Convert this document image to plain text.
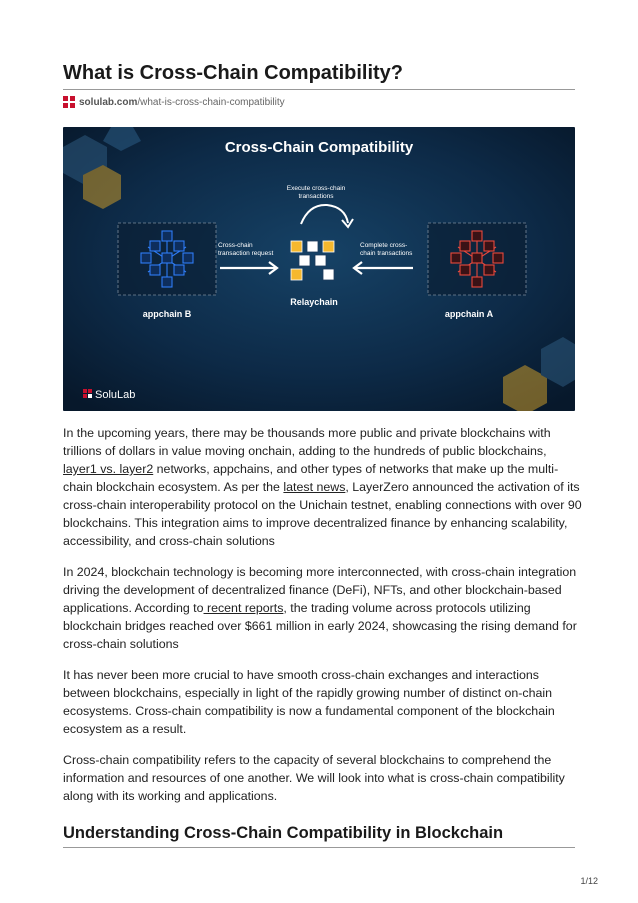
What is Cross-Chain Compatibility?
solulab.com /what-is-cross-chain-compatibility
Cross-Chain Compatibility
Execute cross-chain
transactions
appchain B	appchain A
Cross-chain
transaction request
Complete cross-
chain transactions
Relaychain
SoluLab

In the upcoming years, there may be thousands more public and private blockchains with trillions of dollars in value moving onchain, adding to the hundreds of public blockchains, layer1 vs. layer2 networks, appchains, and other types of networks that make up the multi-chain blockchain ecosystem. As per the latest news, LayerZero announced the activation of its cross-chain interoperability protocol on the Unichain testnet, enabling connections with over 90 blockchains. This integration aims to improve decentralized finance by enhancing scalability, accessibility, and cross-chain solutions

In 2024, blockchain technology is becoming more interconnected, with cross-chain integration driving the development of decentralized finance (DeFi), NFTs, and other blockchain-based applications. According to recent reports, the trading volume across protocols utilizing blockchain bridges reached over $661 million in early 2024, showcasing the rising demand for cross-chain solutions

It has never been more crucial to have smooth cross-chain exchanges and interactions between blockchains, especially in light of the rapidly growing number of distinct on-chain ecosystems. Cross-chain compatibility is now a fundamental component of the blockchain ecosystem as a result.

Cross-chain compatibility refers to the capacity of several blockchains to comprehend the information and resources of one another. We will look into what is cross-chain compatibility along with its working and applications.

Understanding Cross-Chain Compatibility in Blockchain
1/12
